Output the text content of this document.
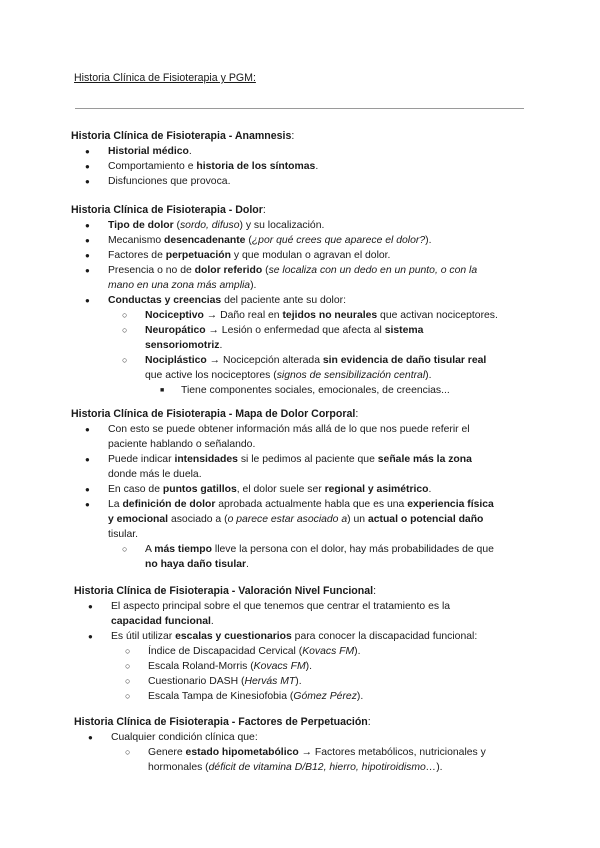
Historia Clínica de Fisioterapia y PGM:
Historia Clínica de Fisioterapia - Anamnesis:
● Historial médico.
● Comportamiento e historia de los síntomas.
● Disfunciones que provoca.
Historia Clínica de Fisioterapia - Dolor:
● Tipo de dolor (sordo, difuso) y su localización.
● Mecanismo desencadenante (¿por qué crees que aparece el dolor?).
● Factores de perpetuación y que modulan o agravan el dolor.
● Presencia o no de dolor referido (se localiza con un dedo en un punto, o con la
mano en una zona más amplia).
● Conductas y creencias del paciente ante su dolor:
○ Nociceptivo → Daño real en tejidos no neurales que activan nociceptores.
○ Neuropático → Lesión o enfermedad que afecta al sistema
sensoriomotriz.
○ Nociplástico → Nocicepción alterada sin evidencia de daño tisular real
que active los nociceptores (signos de sensibilización central).
■ Tiene componentes sociales, emocionales, de creencias...
Historia Clínica de Fisioterapia - Mapa de Dolor Corporal:
● Con esto se puede obtener información más allá de lo que nos puede referir el
paciente hablando o señalando.
● Puede indicar intensidades si le pedimos al paciente que señale más la zona
donde más le duela.
● En caso de puntos gatillos, el dolor suele ser regional y asimétrico.
● La definición de dolor aprobada actualmente habla que es una experiencia física
y emocional asociado a (o parece estar asociado a) un actual o potencial daño
tisular.
○ A más tiempo lleve la persona con el dolor, hay más probabilidades de que
no haya daño tisular.
Historia Clínica de Fisioterapia - Valoración Nivel Funcional:
● El aspecto principal sobre el que tenemos que centrar el tratamiento es la
capacidad funcional.
● Es útil utilizar escalas y cuestionarios para conocer la discapacidad funcional:
○ Índice de Discapacidad Cervical (Kovacs FM).
○ Escala Roland-Morris (Kovacs FM).
○ Cuestionario DASH (Hervás MT).
○ Escala Tampa de Kinesiofobia (Gómez Pérez).
Historia Clínica de Fisioterapia - Factores de Perpetuación:
● Cualquier condición clínica que:
○ Genere estado hipometabólico → Factores metabólicos, nutricionales y
hormonales (déficit de vitamina D/B12, hierro, hipotiroidismo…).
